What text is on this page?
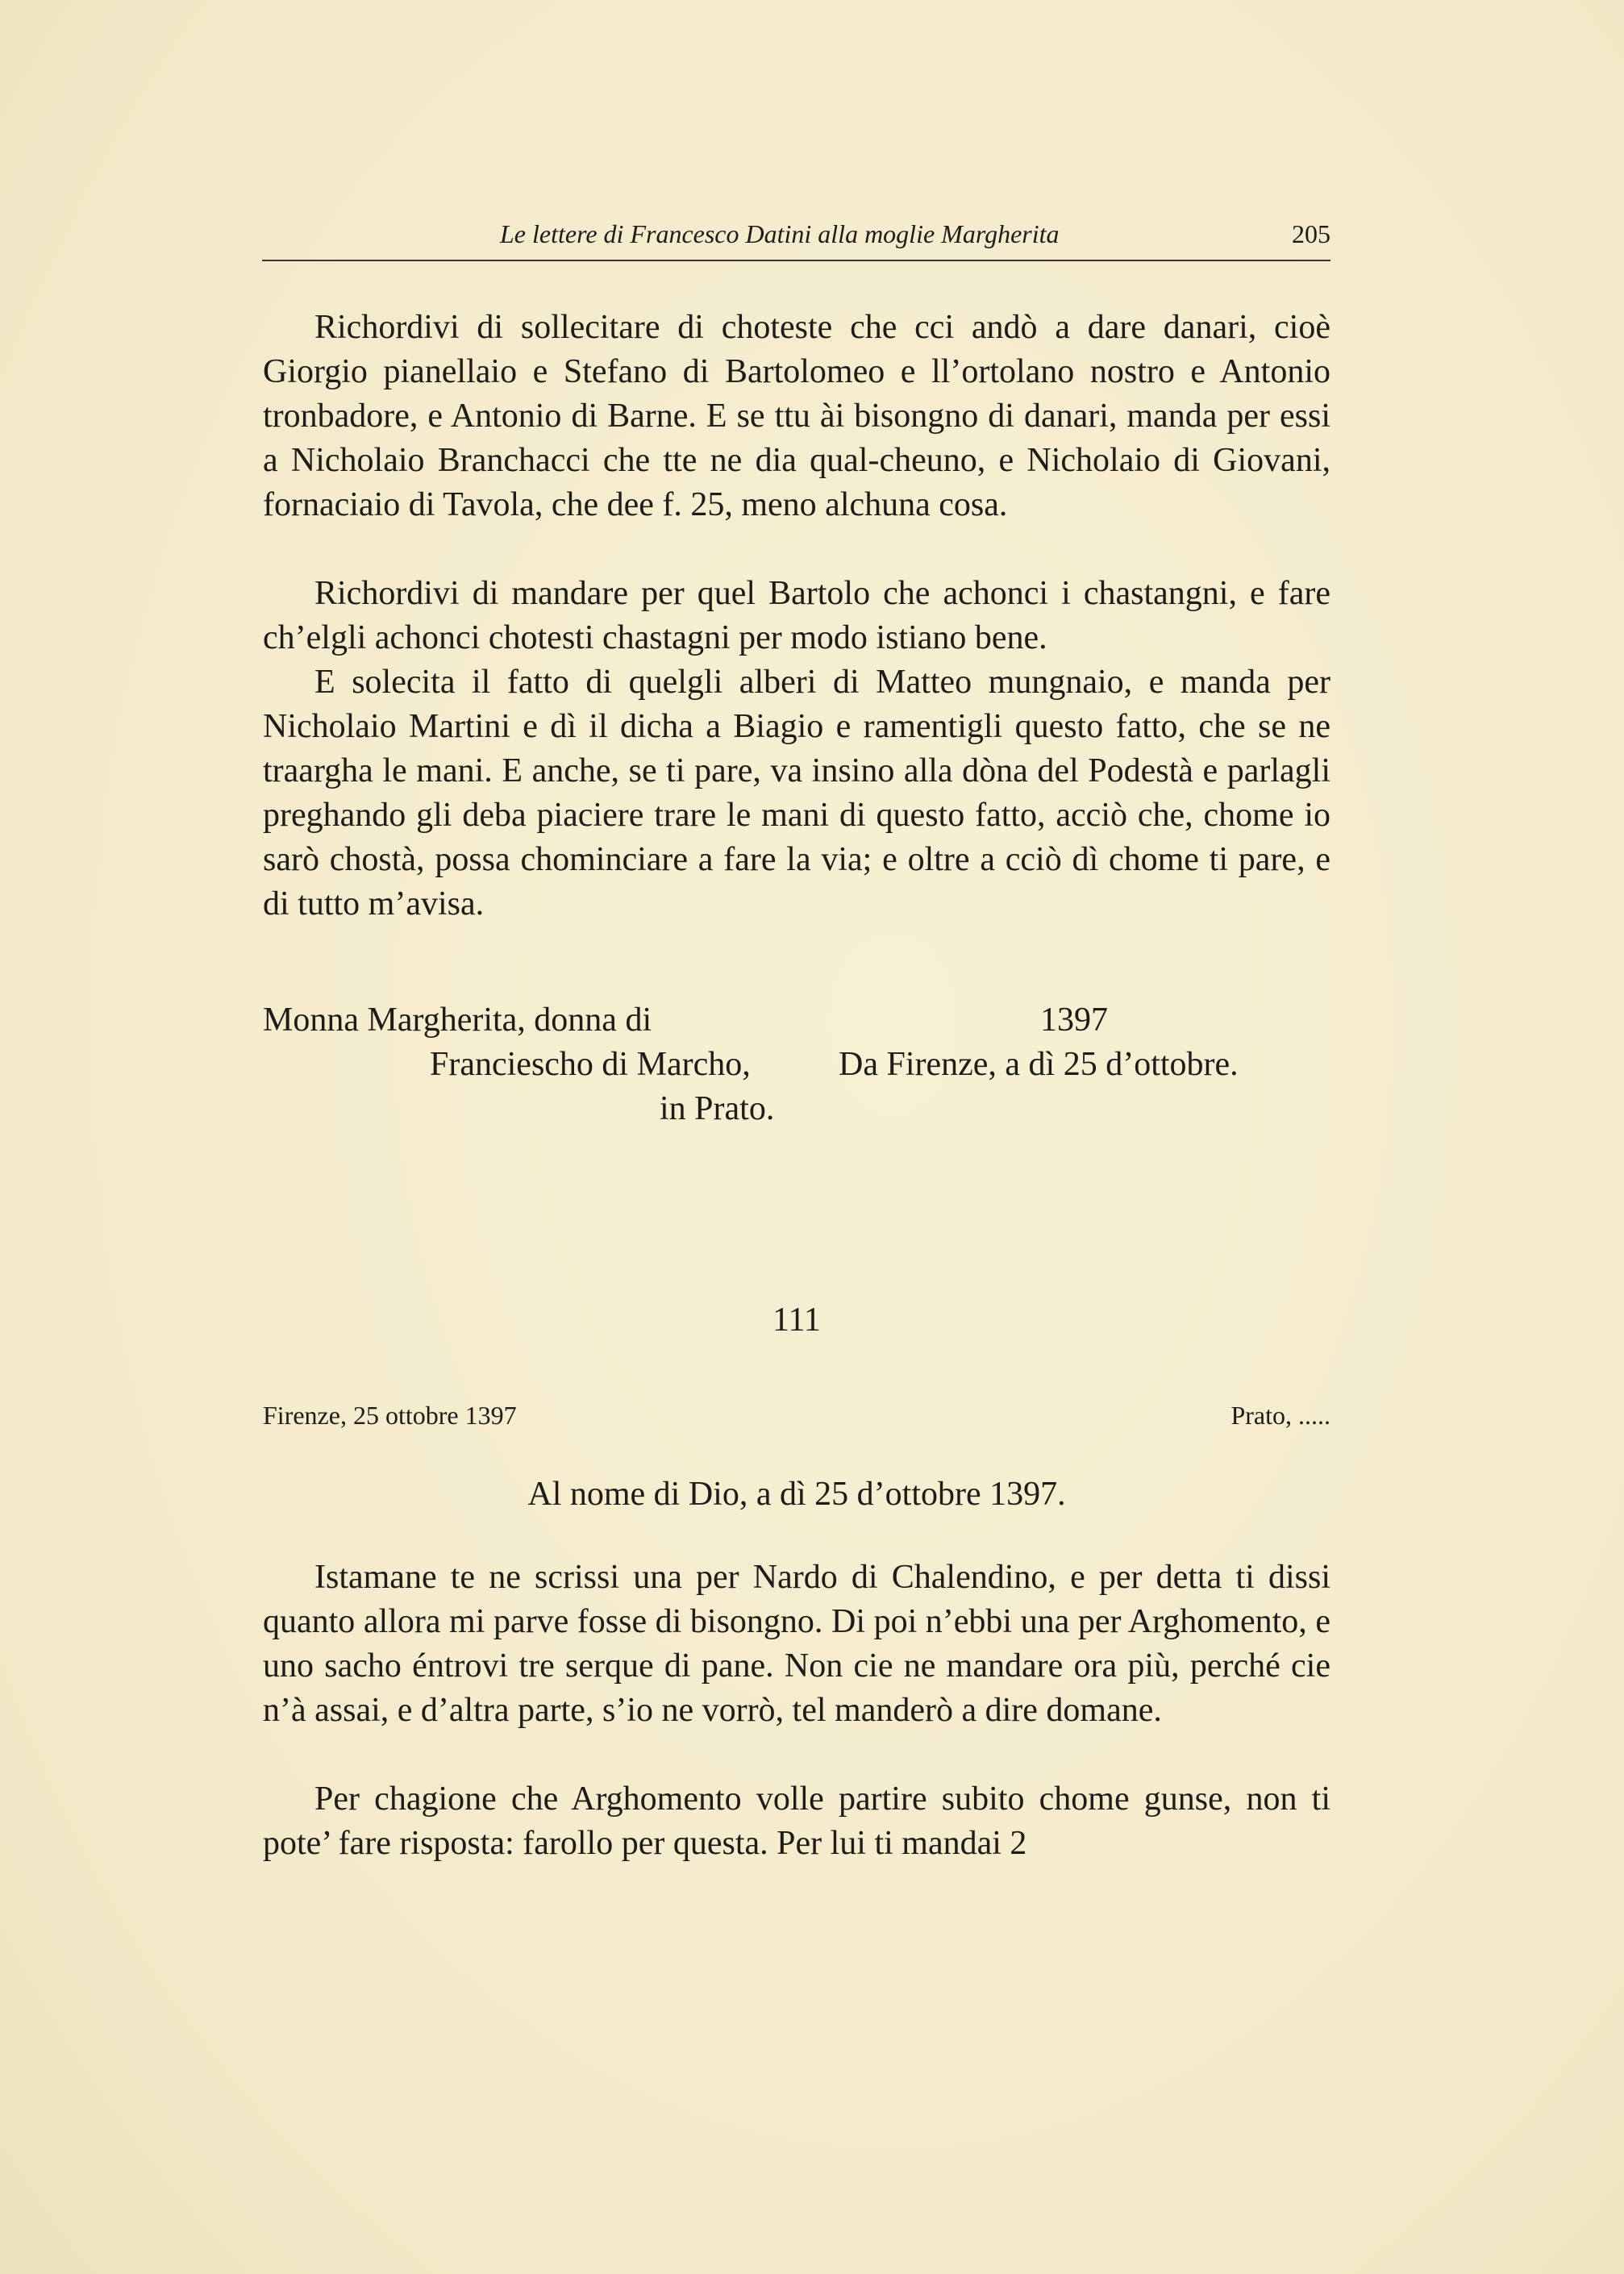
Le lettere di Francesco Datini alla moglie Margherita	205

Richordivi di sollecitare di choteste che cci andò a dare danari, cioè Giorgio pianellaio e Stefano di Bartolomeo e ll’ortolano nostro e Antonio tronbadore, e Antonio di Barne. E se ttu ài bisongno di danari, manda per essi a Nicholaio Branchacci che tte ne dia qual-cheuno, e Nicholaio di Giovani, fornaciaio di Tavola, che dee f. 25, meno alchuna cosa.

Richordivi di mandare per quel Bartolo che achonci i chastangni, e fare ch’elgli achonci chotesti chastagni per modo istiano bene.

E solecita il fatto di quelgli alberi di Matteo mungnaio, e manda per Nicholaio Martini e dì il dicha a Biagio e ramentigli questo fatto, che se ne traargha le mani. E anche, se ti pare, va insino alla dòna del Podestà e parlagli preghando gli deba piaciere trare le mani di questo fatto, acciò che, chome io sarò chostà, possa chominciare a fare la via; e oltre a cciò dì chome ti pare, e di tutto m’avisa.

Monna Margherita, donna di	1397
Franciescho di Marcho,	Da Firenze, a dì 25 d’ottobre.
in Prato.
111
Firenze, 25 ottobre 1397	Prato, .....
Al nome di Dio, a dì 25 d’ottobre 1397.

Istamane te ne scrissi una per Nardo di Chalendino, e per detta ti dissi quanto allora mi parve fosse di bisongno. Di poi n’ebbi una per Arghomento, e uno sacho éntrovi tre serque di pane. Non cie ne mandare ora più, perché cie n’à assai, e d’altra parte, s’io ne vorrò, tel manderò a dire domane.

Per chagione che Arghomento volle partire subito chome gunse, non ti pote’ fare risposta: farollo per questa. Per lui ti mandai 2
